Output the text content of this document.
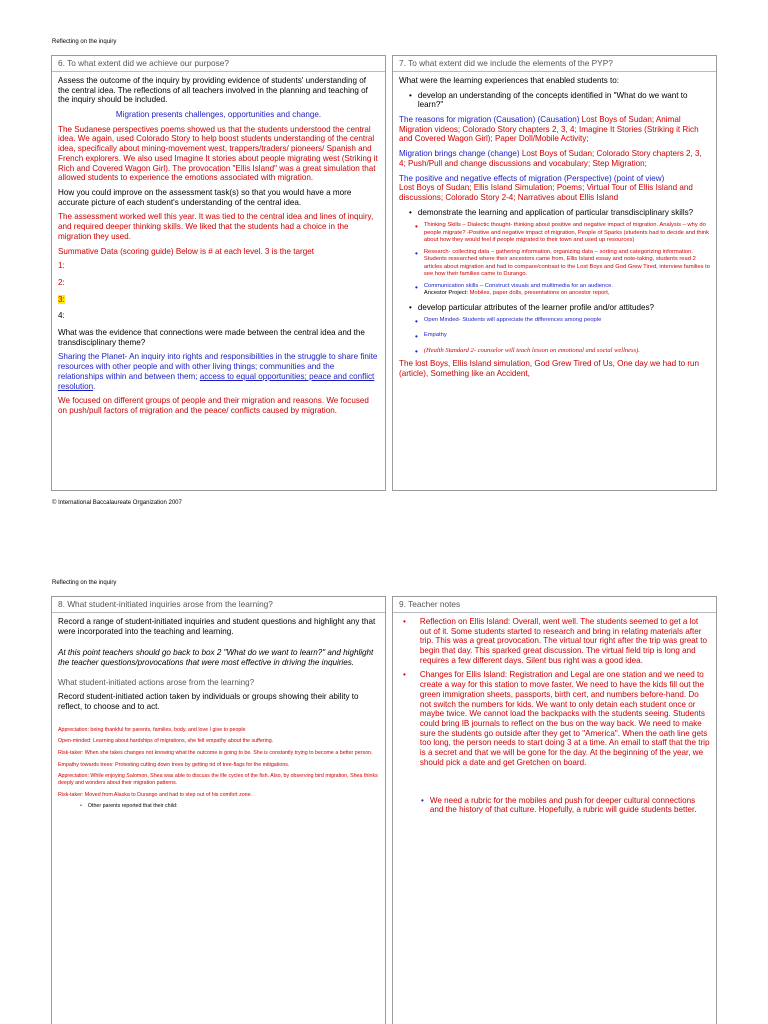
Reflecting on the inquiry
6. To what extent did we achieve our purpose?

Assess the outcome of the inquiry by providing evidence of students' understanding of the central idea. The reflections of all teachers involved in the planning and teaching of the inquiry should be included.

Migration presents challenges, opportunities and change.

The Sudanese perspectives poems showed us that the students understood the central idea. We again, used Colorado Story to help boost students understanding of the central idea, specifically about mining-movement west, trappers/traders/ pioneers/ Spanish and French explorers. We also used Imagine It stories about people migrating west (Striking it Rich and Covered Wagon Girl). The provocation "Ellis Island" was a great simulation that allowed students to experience the emotions associated with migration.

How you could improve on the assessment task(s) so that you would have a more accurate picture of each student's understanding of the central idea.

The assessment worked well this year. It was tied to the central idea and lines of inquiry, and required deeper thinking skills. We liked that the students had a choice in the migration they used.

Summative Data (scoring guide) Below is # at each level. 3 is the target

1:

2:

3:

4:

What was the evidence that connections were made between the central idea and the transdisciplinary theme?

Sharing the Planet- An inquiry into rights and responsibilities in the struggle to share finite resources with other people and with other living things; communities and the relationships within and between them; access to equal opportunities; peace and conflict resolution.

We focused on different groups of people and their migration and reasons. We focused on push/pull factors of migration and the peace/ conflicts caused by migration.

7. To what extent did we include the elements of the PYP?

What were the learning experiences that enabled students to:

• develop an understanding of the concepts identified in "What do we want to learn?"

The reasons for migration (Causation) (Causation) Lost Boys of Sudan; Animal Migration videos; Colorado Story chapters 2, 3, 4; Imagine It Stories (Striking it Rich and Covered Wagon Girl); Paper Doll/Mobile Activity;

Migration brings change (change) Lost Boys of Sudan; Colorado Story chapters 2, 3, 4; Push/Pull and change discussions and vocabulary; Step Migration;

The positive and negative effects of migration (Perspective) (point of view)

Lost Boys of Sudan; Ellis Island Simulation; Poems; Virtual Tour of Ellis Island and discussions; Colorado Story 2-4; Narratives about Ellis Island

• demonstrate the learning and application of particular transdisciplinary skills?
• Thinking Skills – Dialectic thought- thinking about positive and negative impact of migration. Analysis – why do people migrate? -Positive and negative impact of migration, People of Sparks (students had to decide and think about how they would feel if people migrated to their town and used up resources)
• Research- collecting data – gathering information, organizing data – sorting and categorizing information. Students researched where their ancestors came from, Ellis Island essay and note-taking, students read 2 articles about migration and had to compare/contrast to the Lost Boys and God Grew Tired, interview families to see how their families came to Durango.
• Communication skills – Construct visuals and multimedia for an audience.
Ancestor Project: Mobiles, paper dolls, presentations on ancestor report,
• develop particular attributes of the learner profile and/or attitudes?
• Open Minded- Students will appreciate the differences among people
• Empathy
• (Health Standard 2- counselor will teach lesson on emotional and social wellness).

The lost Boys, Ellis Island simulation, God Grew Tired of Us, One day we had to run (article), Something like an Accident,

© International Baccalaureate Organization 2007
Reflecting on the inquiry
8. What student-initiated inquiries arose from the learning?

Record a range of student-initiated inquiries and student questions and highlight any that were incorporated into the teaching and learning.

At this point teachers should go back to box 2 "What do we want to learn?" and highlight the teacher questions/provocations that were most effective in driving the inquiries.

What student-initiated actions arose from the learning?

Record student-initiated action taken by individuals or groups showing their ability to reflect, to choose and to act.

Appreciation: being thankful for parents, families, body, and love I give to people

Open-minded: Learning about hardships of migrations, she felt empathy about the suffering.

Risk-taker: When she takes changes not knowing what the outcome is going to be. She is constantly trying to become a better person.

Empathy towards trees: Protesting cutting down trees by getting rid of tree-flags for the mitigations.

Appreciation: While enjoying Salomon, Shea was able to discuss the life cycles of the fish. Also, by observing bird migration, Shea thinks deeply and wonders about their migration patterns.

Risk-taker: Moved from Alaska to Durango and had to step out of his comfort zone.

• Other parents reported that their child:
9. Teacher notes
•	Reflection on Ellis Island: Overall, went well. The students seemed to get a lot out of it. Some students started to research and bring in relating materials after trip. This was a great provocation. The virtual tour right after the trip was great to begin that day. This sparked great discussion. The virtual field trip is long and requires a few different days. Silent bus right was a good idea.
•	Changes for Ellis Island: Registration and Legal are one station and we need to create a way for this station to move faster. We need to have the kids fill out the green immigration sheets, passports, birth cert, and numbers before-hand. Do not switch the numbers for kids. We want to only detain each student once or maybe twice. We cannot load the backpacks with the students seeing. Students could bring IB journals to reflect on the bus on the way back. We need to make sure the students go outside after they get to "America". When the oath line gets too long, the person needs to start doing 3 at a time. An email to staff that the trip is a secret and that we will be gone for the day. At the beginning of the year, we should pick a date and get Gretchen on board.
• We need a rubric for the mobiles and push for deeper cultural connections and the history of that culture. Hopefully, a rubric will guide students better.
